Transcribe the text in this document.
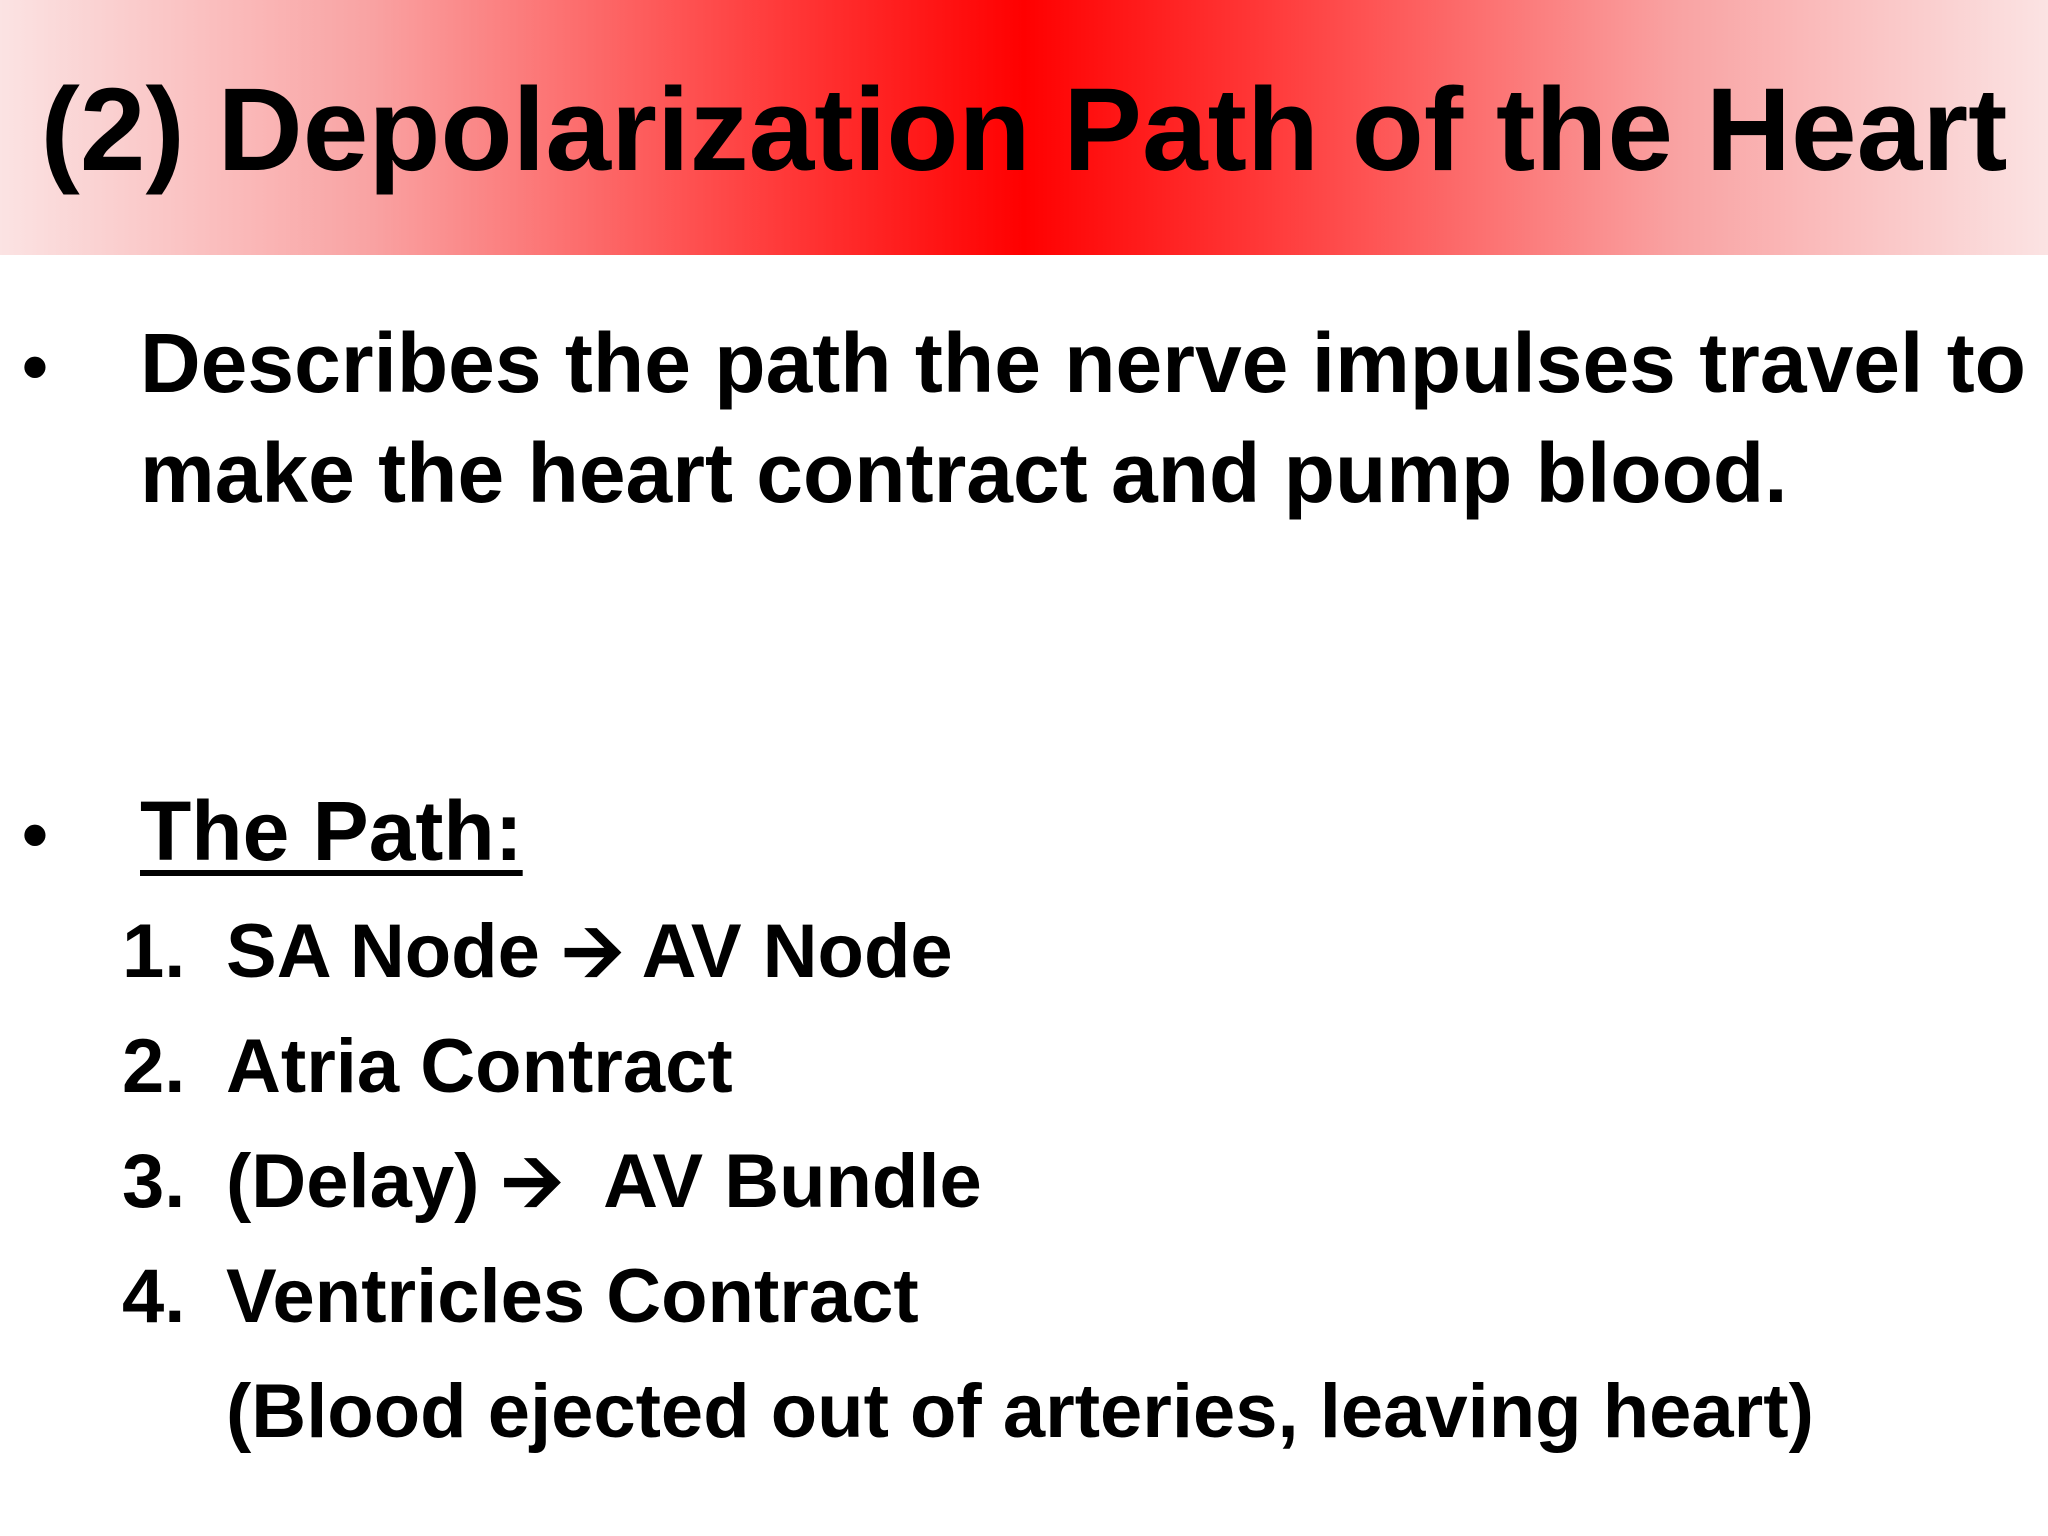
(2) Depolarization Path of the Heart
• Describes the path the nerve impulses travel to make the heart contract and pump blood.
• The Path:
1. SA Node 🡪 AV Node
2. Atria Contract
3. (Delay) 🡪 AV Bundle
4. Ventricles Contract
(Blood ejected out of arteries, leaving heart)
